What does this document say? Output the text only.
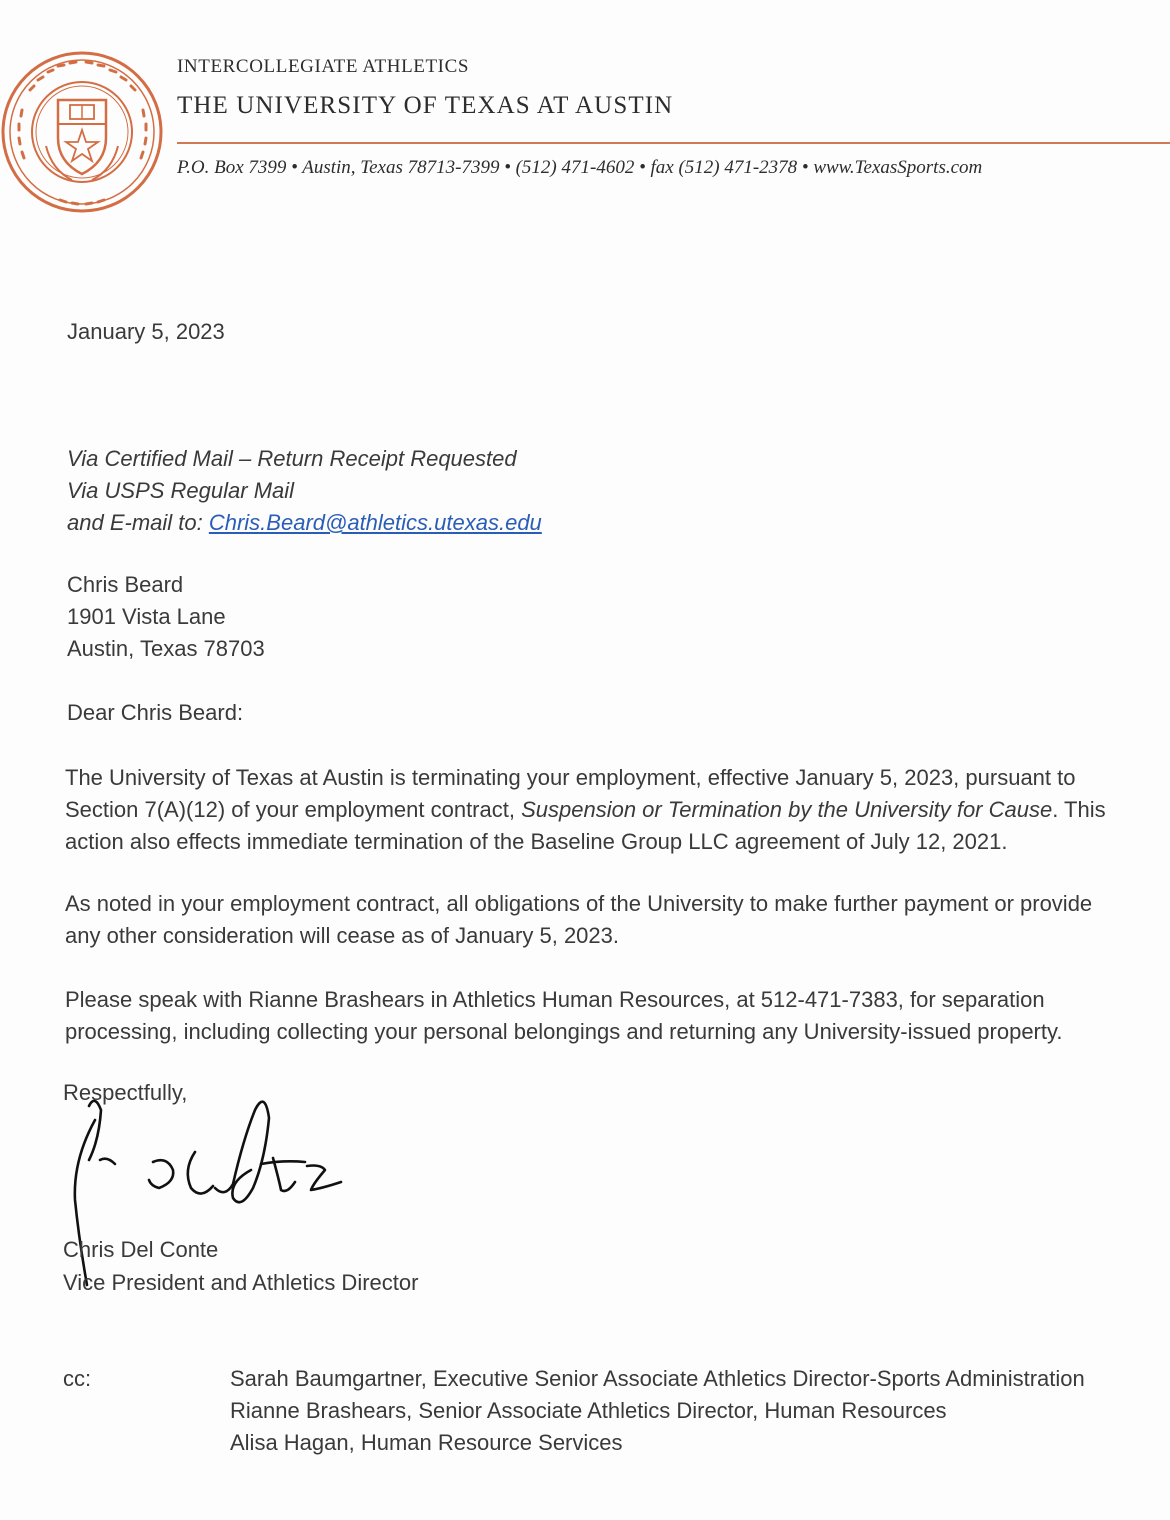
INTERCOLLEGIATE ATHLETICS
THE UNIVERSITY OF TEXAS AT AUSTIN
P.O. Box 7399 • Austin, Texas 78713-7399 • (512) 471-4602 • fax (512) 471-2378 • www.TexasSports.com
January 5, 2023
Via Certified Mail – Return Receipt Requested
Via USPS Regular Mail
and E-mail to: Chris.Beard@athletics.utexas.edu
Chris Beard
1901 Vista Lane
Austin, Texas 78703
Dear Chris Beard:
The University of Texas at Austin is terminating your employment, effective January 5, 2023, pursuant to
Section 7(A)(12) of your employment contract, Suspension or Termination by the University for Cause. This
action also effects immediate termination of the Baseline Group LLC agreement of July 12, 2021.
As noted in your employment contract, all obligations of the University to make further payment or provide
any other consideration will cease as of January 5, 2023.
Please speak with Rianne Brashears in Athletics Human Resources, at 512-471-7383, for separation
processing, including collecting your personal belongings and returning any University-issued property.
Respectfully,
Chris Del Conte
Vice President and Athletics Director
cc:	Sarah Baumgartner, Executive Senior Associate Athletics Director-Sports Administration
Rianne Brashears, Senior Associate Athletics Director, Human Resources
Alisa Hagan, Human Resource Services
